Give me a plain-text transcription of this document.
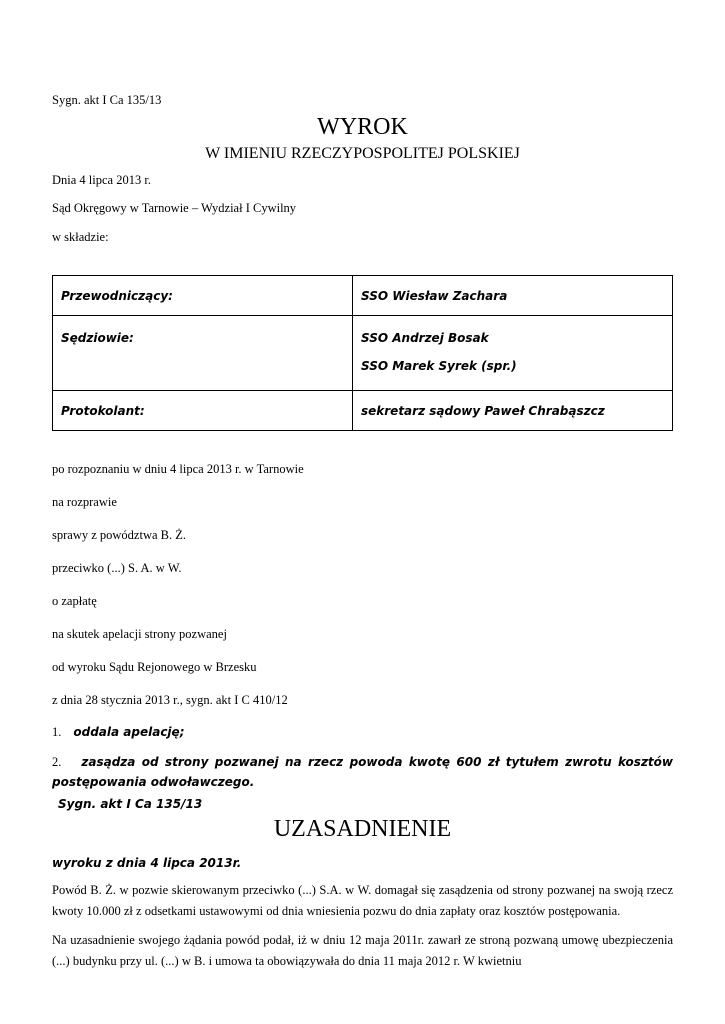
Sygn. akt I Ca 135/13
WYROK
W IMIENIU RZECZYPOSPOLITEJ POLSKIEJ
Dnia 4 lipca 2013 r.
Sąd Okręgowy w Tarnowie – Wydział I Cywilny
w składzie:
Przewodniczący:	SSO Wiesław Zachara
Sędziowie:	SSO Andrzej Bosak
SSO Marek Syrek (spr.)

Protokolant:	sekretarz sądowy Paweł Chrabąszcz
po rozpoznaniu w dniu 4 lipca 2013 r. w Tarnowie
na rozprawie
sprawy z powództwa B. Ż.
przeciwko (...) S. A. w W.
o zapłatę
na skutek apelacji strony pozwanej
od wyroku Sądu Rejonowego w Brzesku
z dnia 28 stycznia 2013 r., sygn. akt I C 410/12
1. oddala apelację;
2. zasądza od strony pozwanej na rzecz powoda kwotę 600 zł tytułem zwrotu kosztów postępowania odwoławczego.
Sygn. akt I Ca 135/13
UZASADNIENIE
wyroku z dnia 4 lipca 2013r.
Powód B. Ż. w pozwie skierowanym przeciwko (...) S.A. w W. domagał się zasądzenia od strony pozwanej na swoją rzecz kwoty 10.000 zł z odsetkami ustawowymi od dnia wniesienia pozwu do dnia zapłaty oraz kosztów postępowania.
Na uzasadnienie swojego żądania powód podał, iż w dniu 12 maja 2011r. zawarł ze stroną pozwaną umowę ubezpieczenia (...) budynku przy ul. (...) w B. i umowa ta obowiązywała do dnia 11 maja 2012 r. W kwietniu
